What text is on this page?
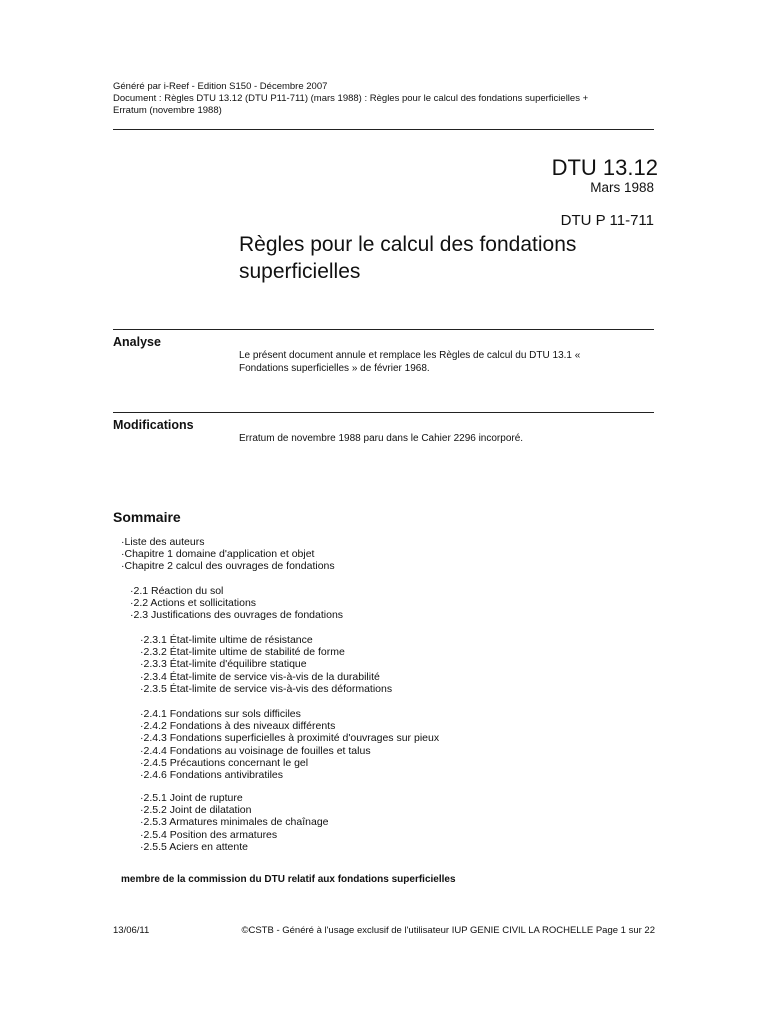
Généré par i-Reef - Edition S150 - Décembre 2007
Document : Règles DTU 13.12 (DTU P11-711) (mars 1988) : Règles pour le calcul des fondations superficielles +
Erratum (novembre 1988)
DTU 13.12
Mars 1988
DTU P 11-711
Règles pour le calcul des fondations
superficielles
Analyse
Le présent document annule et remplace les Règles de calcul du DTU 13.1 «
Fondations superficielles » de février 1968.
Modifications
Erratum de novembre 1988 paru dans le Cahier 2296 incorporé.
Sommaire
·Liste des auteurs
·Chapitre 1 domaine d'application et objet
·Chapitre 2 calcul des ouvrages de fondations
·2.1 Réaction du sol
·2.2 Actions et sollicitations
·2.3 Justifications des ouvrages de fondations
·2.3.1 État-limite ultime de résistance
·2.3.2 État-limite ultime de stabilité de forme
·2.3.3 État-limite d'équilibre statique
·2.3.4 État-limite de service vis-à-vis de la durabilité
·2.3.5 État-limite de service vis-à-vis des déformations
·2.4.1 Fondations sur sols difficiles
·2.4.2 Fondations à des niveaux différents
·2.4.3 Fondations superficielles à proximité d'ouvrages sur pieux
·2.4.4 Fondations au voisinage de fouilles et talus
·2.4.5 Précautions concernant le gel
·2.4.6 Fondations antivibratiles
·2.5.1 Joint de rupture
·2.5.2 Joint de dilatation
·2.5.3 Armatures minimales de chaînage
·2.5.4 Position des armatures
·2.5.5 Aciers en attente
membre de la commission du DTU relatif aux fondations superficielles
13/06/11	©CSTB - Généré à l'usage exclusif de l'utilisateur IUP GENIE CIVIL LA ROCHELLE Page 1 sur 22
